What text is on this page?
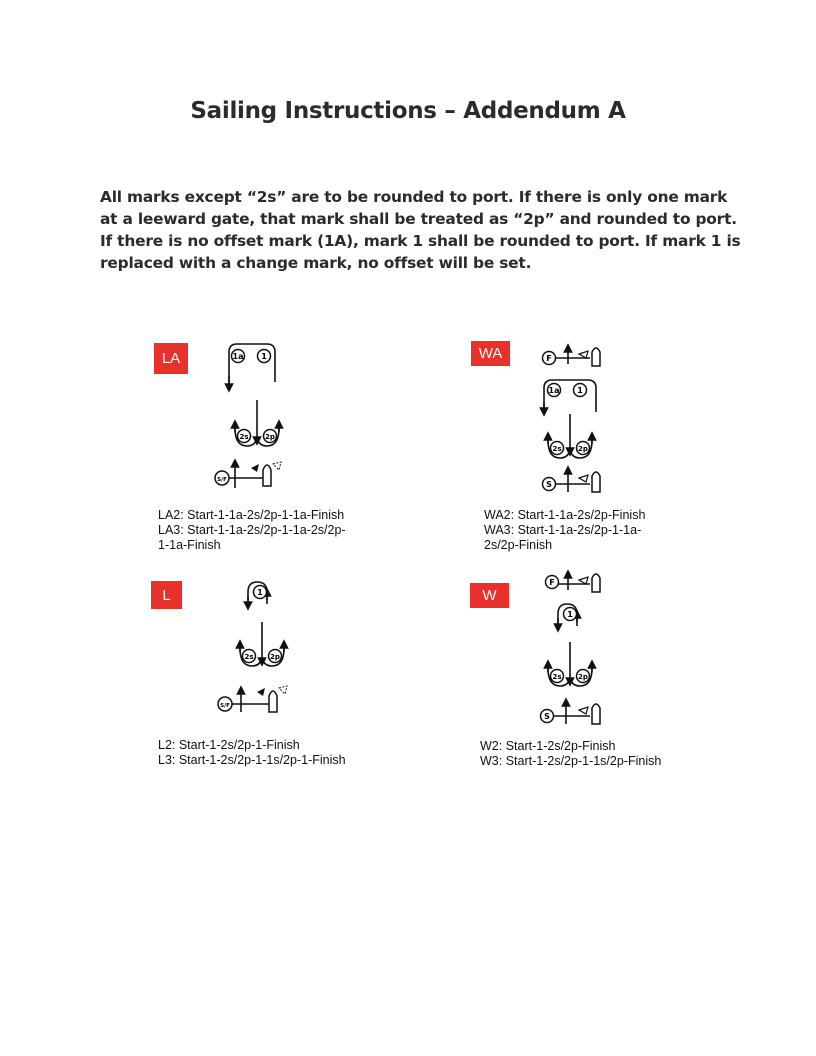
Sailing Instructions – Addendum A
All marks except “2s” are to be rounded to port. If there is only one mark
at a leeward gate, that mark shall be treated as “2p” and rounded to port.
If there is no offset mark (1A), mark 1 shall be rounded to port. If mark 1 is
replaced with a change mark, no offset will be set.
LA	1a 1
2s 2p
S/F
LA2: Start-1-1a-2s/2p-1-1a-Finish
LA3: Start-1-1a-2s/2p-1-1a-2s/2p-
1-1a-Finish
WA	F
1a 1
2s 2p
S
WA2: Start-1-1a-2s/2p-Finish
WA3: Start-1-1a-2s/2p-1-1a-
2s/2p-Finish
L	1
2s 2p
S/F
L2: Start-1-2s/2p-1-Finish
L3: Start-1-2s/2p-1-1s/2p-1-Finish
W
F
1
2s 2p
S
W2: Start-1-2s/2p-Finish
W3: Start-1-2s/2p-1-1s/2p-Finish
